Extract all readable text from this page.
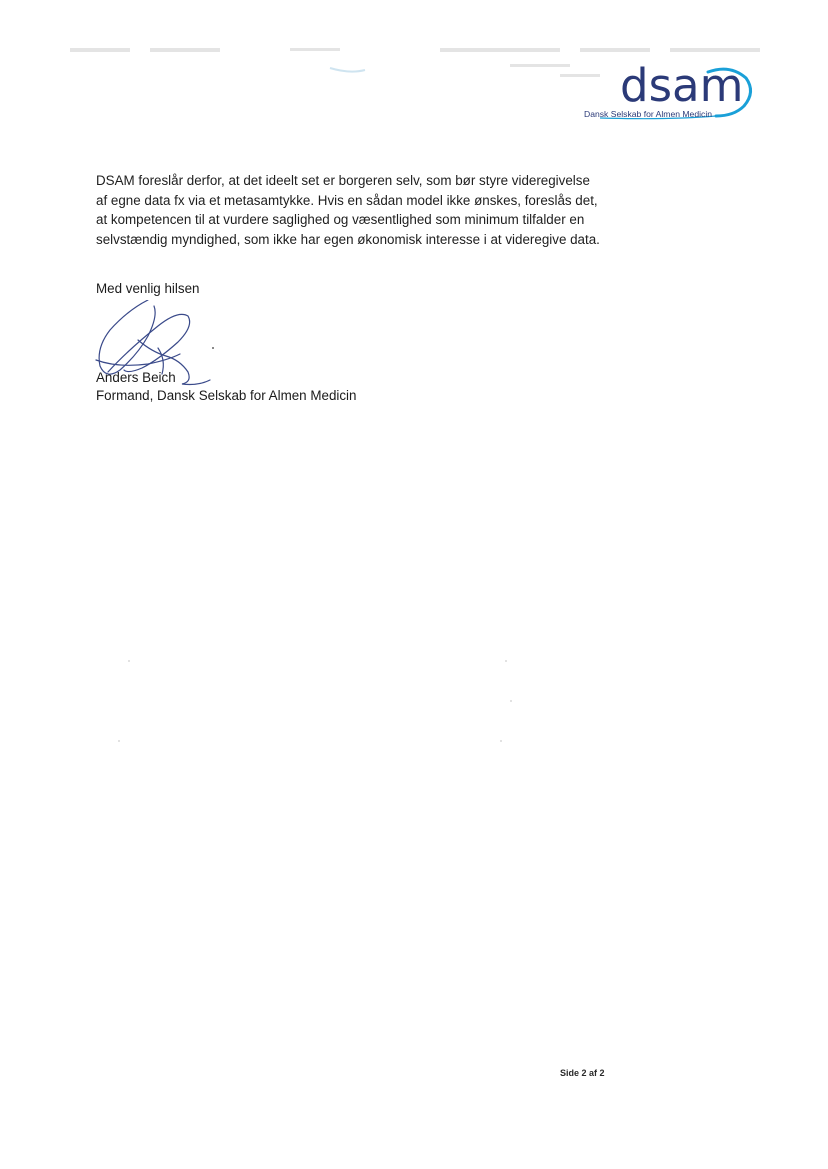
dsam
Dansk Selskab for Almen Medicin

DSAM foreslår derfor, at det ideelt set er borgeren selv, som bør styre videregivelse

af egne data fx via et metasamtykke. Hvis en sådan model ikke ønskes, foreslås det,

at kompetencen til at vurdere saglighed og væsentlighed som minimum tilfalder en

selvstændig myndighed, som ikke har egen økonomisk interesse i at videregive data.

Med venlig hilsen
Anders Beich
Formand, Dansk Selskab for Almen Medicin
Side 2 af 2
